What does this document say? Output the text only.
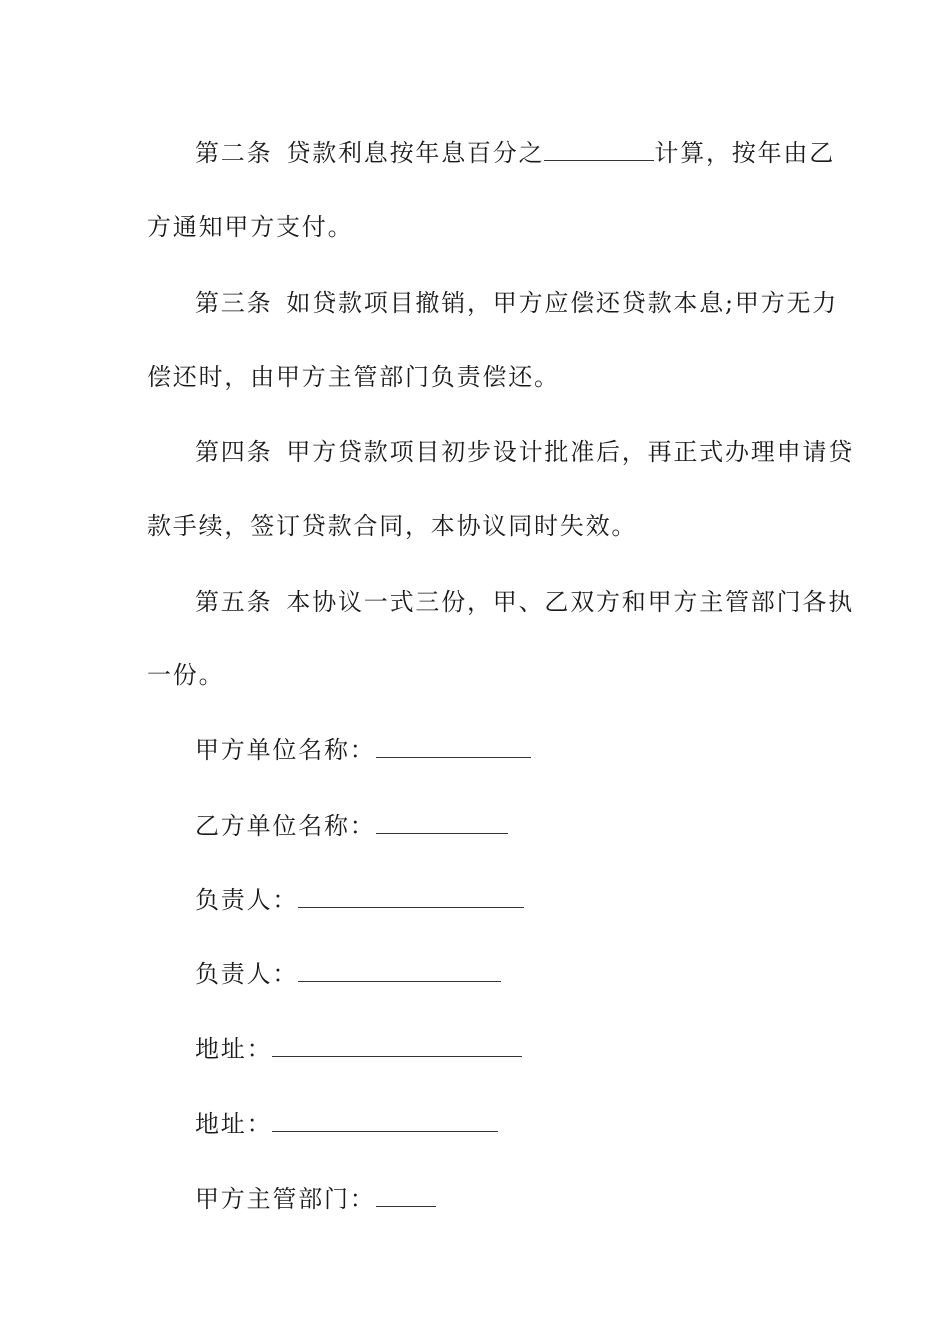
第二条 贷款利息按年息百分之	计算，按年由乙
方通知甲方支付。
第三条 如贷款项目撤销，甲方应偿还贷款本息;甲方无力
偿还时，由甲方主管部门负责偿还。
第四条 甲方贷款项目初步设计批准后，再正式办理申请贷
款手续，签订贷款合同，本协议同时失效。
第五条 本协议一式三份，甲、乙双方和甲方主管部门各执
一份。
甲方单位名称：
乙方单位名称：
负责人：
负责人：
地址：
地址：
甲方主管部门：
